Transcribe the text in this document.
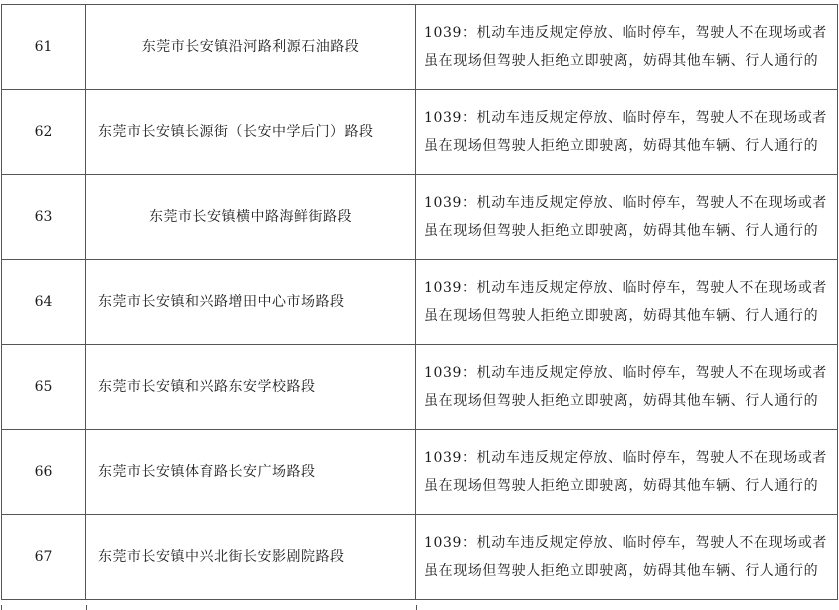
61	东莞市长安镇沿河路利源石油路段	1039：机动车违反规定停放、临时停车，驾驶人不在现场或者虽在现场但驾驶人拒绝立即驶离，妨碍其他车辆、行人通行的

62	东莞市长安镇长源街（长安中学后门）路段	1039：机动车违反规定停放、临时停车，驾驶人不在现场或者虽在现场但驾驶人拒绝立即驶离，妨碍其他车辆、行人通行的

63	东莞市长安镇横中路海鲜街路段	1039：机动车违反规定停放、临时停车，驾驶人不在现场或者虽在现场但驾驶人拒绝立即驶离，妨碍其他车辆、行人通行的

64	东莞市长安镇和兴路增田中心市场路段	1039：机动车违反规定停放、临时停车，驾驶人不在现场或者虽在现场但驾驶人拒绝立即驶离，妨碍其他车辆、行人通行的

65	东莞市长安镇和兴路东安学校路段	1039：机动车违反规定停放、临时停车，驾驶人不在现场或者虽在现场但驾驶人拒绝立即驶离，妨碍其他车辆、行人通行的

66	东莞市长安镇体育路长安广场路段	1039：机动车违反规定停放、临时停车，驾驶人不在现场或者虽在现场但驾驶人拒绝立即驶离，妨碍其他车辆、行人通行的

67	东莞市长安镇中兴北街长安影剧院路段	1039：机动车违反规定停放、临时停车，驾驶人不在现场或者虽在现场但驾驶人拒绝立即驶离，妨碍其他车辆、行人通行的
